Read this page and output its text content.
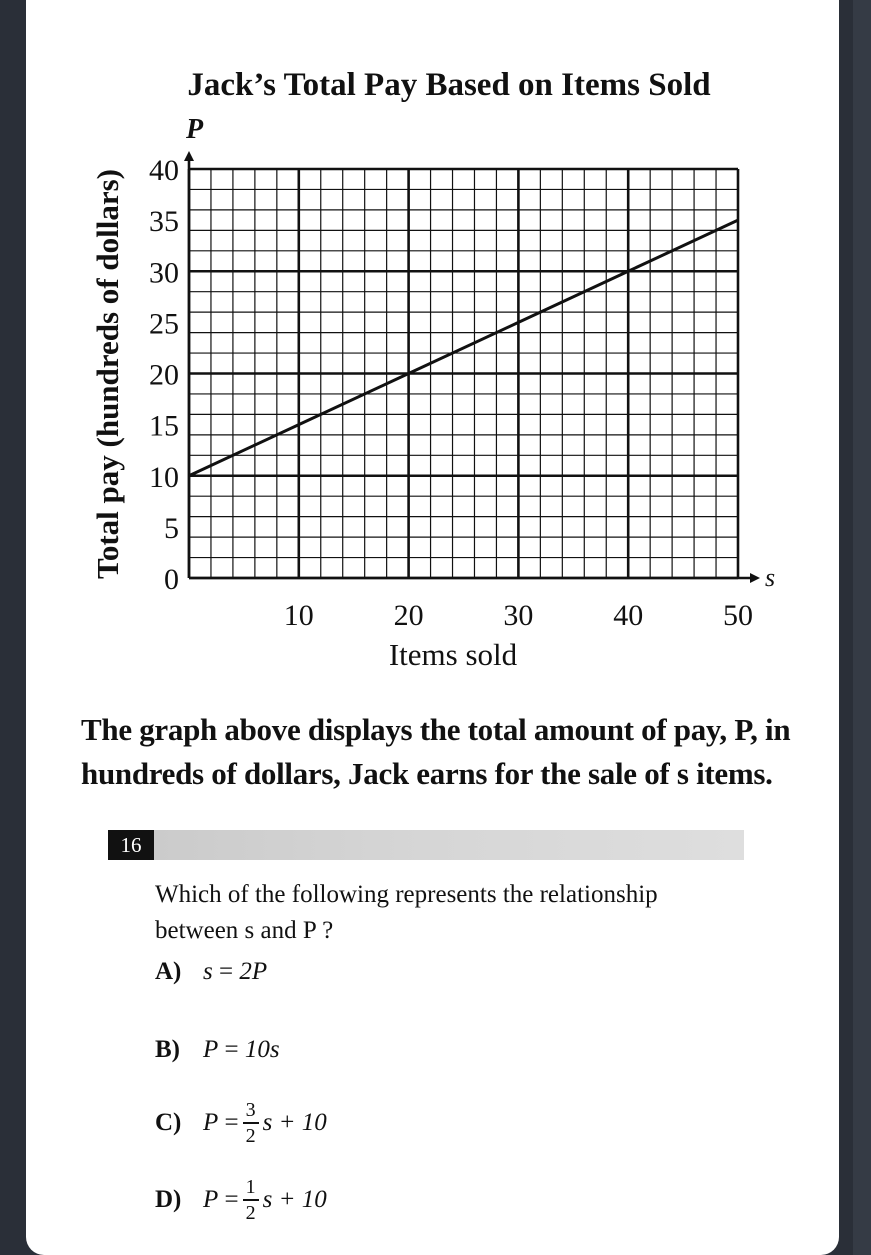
Jack’s Total Pay Based on Items Sold
0
5
10
15
20
25
30
35
40
10	20	30	40	50
s
P
Items sold
Total pay (hundreds of dollars)
The graph above displays the total amount of pay, P, in
hundreds of dollars, Jack earns for the sale of s items.
16
Which of the following represents the relationship
between s and P ?
A) s = 2P
B) P = 10s
C) $P = \frac{3}{2}$ s + 10
D) $P = \frac{1}{2}$ s + 10
